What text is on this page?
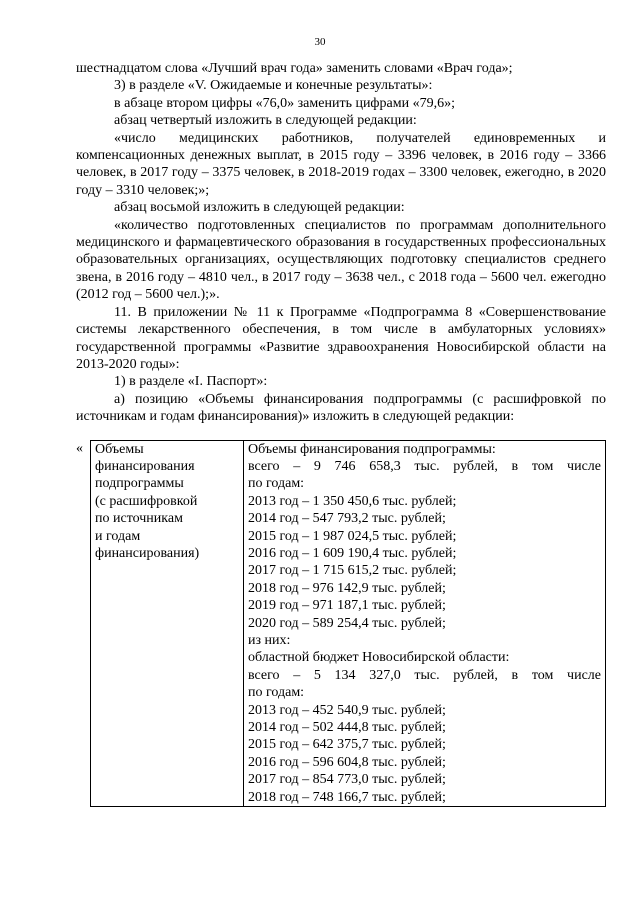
30

шестнадцатом слова «Лучший врач года» заменить словами «Врач года»;

3) в разделе «V. Ожидаемые и конечные результаты»:

в абзаце втором цифры «76,0» заменить цифрами «79,6»;

абзац четвертый изложить в следующей редакции:

«число медицинских работников, получателей единовременных и компенсационных денежных выплат, в 2015 году – 3396 человек, в 2016 году – 3366 человек, в 2017 году – 3375 человек, в 2018-2019 годах – 3300 человек, ежегодно, в 2020 году – 3310 человек;»;

абзац восьмой изложить в следующей редакции:

«количество подготовленных специалистов по программам дополнительного медицинского и фармацевтического образования в государственных профессиональных образовательных организациях, осуществляющих подготовку специалистов среднего звена, в 2016 году – 4810 чел., в 2017 году – 3638 чел., с 2018 года – 5600 чел. ежегодно (2012 год – 5600 чел.);».

11. В приложении № 11 к Программе «Подпрограмма 8 «Совершенствование системы лекарственного обеспечения, в том числе в амбулаторных условиях» государственной программы «Развитие здравоохранения Новосибирской области на 2013-2020 годы»:

1) в разделе «I. Паспорт»:

а) позицию «Объемы финансирования подпрограммы (с расшифровкой по источникам и годам финансирования)» изложить в следующей редакции:

« Объемы
финансирования
подпрограммы
(с расшифровкой
по источникам
и годам
финансирования)

Объемы финансирования подпрограммы:
всего – 9 746 658,3 тыс. рублей, в том числе
по годам:
2013 год – 1 350 450,6 тыс. рублей;
2014 год – 547 793,2 тыс. рублей;
2015 год – 1 987 024,5 тыс. рублей;
2016 год – 1 609 190,4 тыс. рублей;
2017 год – 1 715 615,2 тыс. рублей;
2018 год – 976 142,9 тыс. рублей;
2019 год – 971 187,1 тыс. рублей;
2020 год – 589 254,4 тыс. рублей;
из них:
областной бюджет Новосибирской области:
всего – 5 134 327,0 тыс. рублей, в том числе
по годам:
2013 год – 452 540,9 тыс. рублей;
2014 год – 502 444,8 тыс. рублей;
2015 год – 642 375,7 тыс. рублей;
2016 год – 596 604,8 тыс. рублей;
2017 год – 854 773,0 тыс. рублей;
2018 год – 748 166,7 тыс. рублей;
